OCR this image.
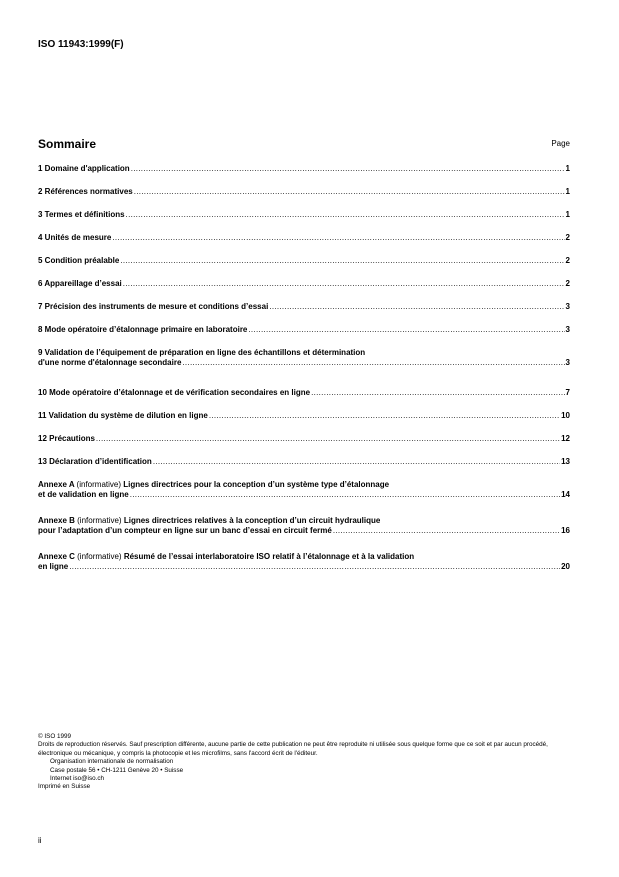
ISO 11943:1999(F)
Sommaire	Page
1 Domaine d'application .....	1
2 Références normatives .....	1
3 Termes et définitions .....	1
4 Unités de mesure .....	2
5 Condition préalable .....	2
6 Appareillage d’essai .....	2
7 Précision des instruments de mesure et conditions d’essai .....	3
8 Mode opératoire d’étalonnage primaire en laboratoire .....	3
9 Validation de l’équipement de préparation en ligne des échantillons et détermination
d'une norme d'étalonnage secondaire .....	3
10 Mode opératoire d’étalonnage et de vérification secondaires en ligne .....	7
11 Validation du système de dilution en ligne .....	10
12 Précautions .....	12
13 Déclaration d’identification .....	13
Annexe A (informative) Lignes directrices pour la conception d’un système type d’étalonnage
et de validation en ligne .....	14
Annexe B (informative) Lignes directrices relatives à la conception d’un circuit hydraulique
pour l’adaptation d’un compteur en ligne sur un banc d’essai en circuit fermé .....	16
Annexe C (informative) Résumé de l’essai interlaboratoire ISO relatif à l’étalonnage et à la validation
en ligne .....	20
© ISO 1999
Droits de reproduction réservés. Sauf prescription différente, aucune partie de cette publication ne peut être reproduite ni utilisée sous quelque forme que ce soit et par aucun procédé, électronique ou mécanique, y compris la photocopie et les microfilms, sans l'accord écrit de l'éditeur.
Organisation internationale de normalisation
Case postale 56 • CH-1211 Genève 20 • Suisse
Internet iso@iso.ch
Imprimé en Suisse
ii
